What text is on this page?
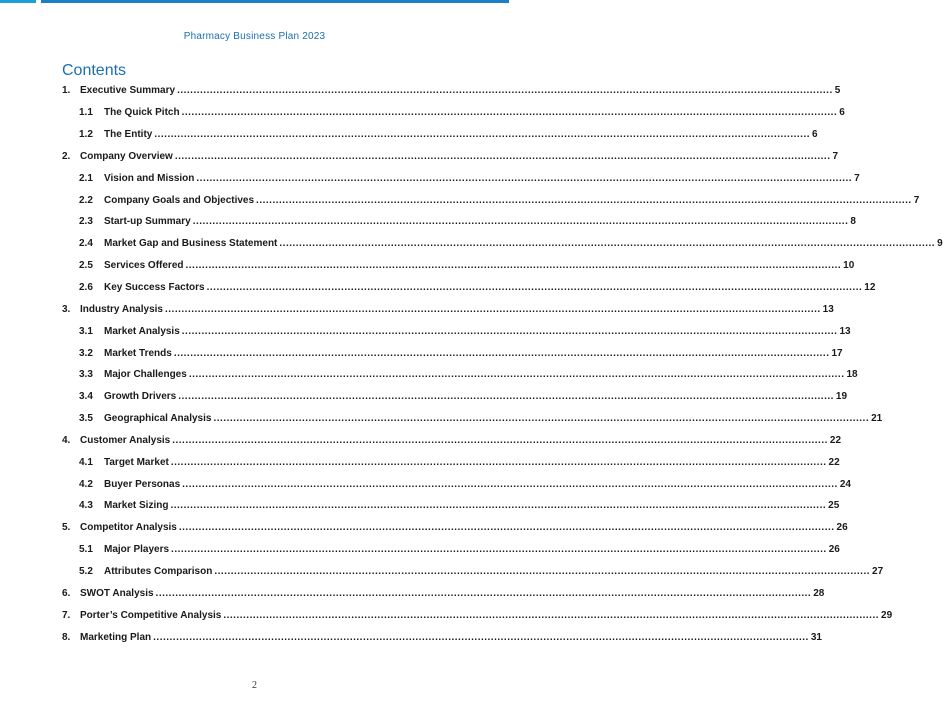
Pharmacy Business Plan 2023
Contents
1. Executive Summary ........................................................................................................................................................................................................ 5
1.1	The Quick Pitch ........................................................................................................................................................................................................ 6
1.2	The Entity ........................................................................................................................................................................................................ 6
2. Company Overview ........................................................................................................................................................................................................ 7
2.1	Vision and Mission ........................................................................................................................................................................................................ 7
2.2	Company Goals and Objectives ........................................................................................................................................................................................................ 7
2.3	Start-up Summary ........................................................................................................................................................................................................ 8
2.4	Market Gap and Business Statement ........................................................................................................................................................................................................ 9
2.5	Services Offered ........................................................................................................................................................................................................ 10
2.6	Key Success Factors ........................................................................................................................................................................................................ 12
3. Industry Analysis ........................................................................................................................................................................................................ 13
3.1	Market Analysis ........................................................................................................................................................................................................ 13
3.2	Market Trends ........................................................................................................................................................................................................ 17
3.3	Major Challenges ........................................................................................................................................................................................................ 18
3.4	Growth Drivers ........................................................................................................................................................................................................ 19
3.5	Geographical Analysis ........................................................................................................................................................................................................ 21
4. Customer Analysis ........................................................................................................................................................................................................ 22
4.1	Target Market ........................................................................................................................................................................................................ 22
4.2	Buyer Personas ........................................................................................................................................................................................................ 24
4.3	Market Sizing ........................................................................................................................................................................................................ 25
5. Competitor Analysis ........................................................................................................................................................................................................ 26
5.1	Major Players ........................................................................................................................................................................................................ 26
5.2	Attributes Comparison ........................................................................................................................................................................................................ 27
6. SWOT Analysis ........................................................................................................................................................................................................ 28
7. Porter’s Competitive Analysis ........................................................................................................................................................................................................ 29
8. Marketing Plan ........................................................................................................................................................................................................ 31
2
